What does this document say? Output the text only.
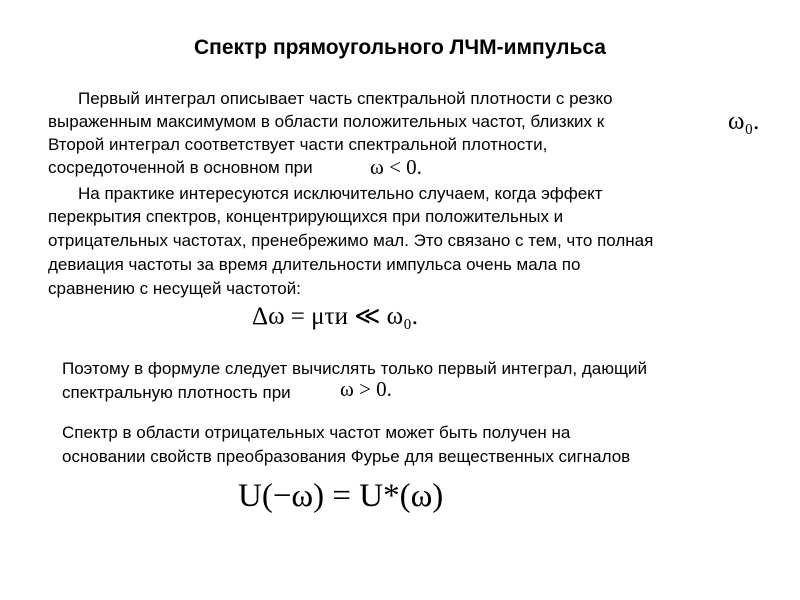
Спектр прямоугольного ЛЧМ-импульса
Первый интеграл описывает часть спектральной плотности с резко
выраженным максимумом в области положительных частот, близких к	ω₀.
Второй интеграл соответствует части спектральной плотности,
сосредоточенной в основном при	ω < 0.
На практике интересуются исключительно случаем, когда эффект
перекрытия спектров, концентрирующихся при положительных и
отрицательных частотах, пренебрежимо мал. Это связано с тем, что полная
девиация частоты за время длительности импульса очень мала по
сравнению с несущей частотой:
Δω = μτи ≪ ω₀.
Поэтому в формуле следует вычислять только первый интеграл, дающий
спектральную плотность при ω > 0.
Спектр в области отрицательных частот может быть получен на
основании свойств преобразования Фурье для вещественных сигналов
U(−ω) = U*(ω)
